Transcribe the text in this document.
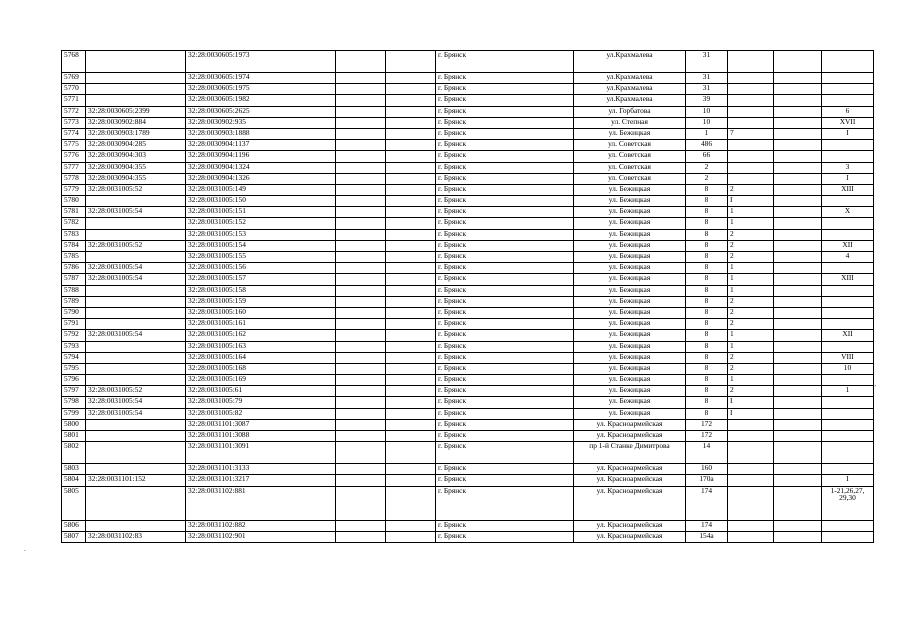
5768		32:28:0030605:1973			г. Брянск	ул.Крахмалева	31			
5769		32:28:0030605:1974			г. Брянск	ул.Крахмалева	31			
5770		32:28:0030605:1975			г. Брянск	ул.Крахмалева	31			
5771		32:28:0030605:1982			г. Брянск	ул.Крахмалева	39			
5772	32:28:0030605:2399	32:28:0030605:2625			г. Брянск	ул. Горбатова	10			6
5773	32:28:0030902:884	32:28:0030902:935			г. Брянск	ул. Степная	10			XVII
5774	32:28:0030903:1789	32:28:0030903:1888			г. Брянск	ул. Бежицкая	1	7		I
5775	32:28:0030904:285	32:28:0030904:1137			г. Брянск	ул. Советская	486			
5776	32:28:0030904:303	32:28:0030904:1196			г. Брянск	ул. Советская	66			
5777	32:28:0030904:355	32:28:0030904:1324			г. Брянск	ул. Советская	2			3
5778	32:28:0030904:355	32:28:0030904:1326			г. Брянск	ул. Советская	2			I
5779	32:28:0031005:52	32:28:0031005:149			г. Брянск	ул. Бежицкая	8	2		XIII
5780		32:28:0031005:150			г. Брянск	ул. Бежицкая	8	I		
5781	32:28:0031005:54	32:28:0031005:151			г. Брянск	ул. Бежицкая	8	1		X
5782		32:28:0031005:152			г. Брянск	ул. Бежицкая	8	1		
5783		32:28:0031005:153			г. Брянск	ул. Бежицкая	8	2		
5784	32:28:0031005:52	32:28:0031005:154			г. Брянск	ул. Бежицкая	8	2		XII
5785		32:28:0031005:155			г. Брянск	ул. Бежицкая	8	2		4
5786	32:28:0031005:54	32:28:0031005:156			г. Брянск	ул. Бежицкая	8	1		
5787	32:28:0031005:54	32:28:0031005:157			г. Брянск	ул. Бежицкая	8	1		XIII
5788		32:28:0031005:158			г. Брянск	ул. Бежицкая	8	1		
5789		32:28:0031005:159			г. Брянск	ул. Бежицкая	8	2		
5790		32:28:0031005:160			г. Брянск	ул. Бежицкая	8	2		
5791		32:28:0031005:161			г. Брянск	ул. Бежицкая	8	2		
5792	32:28:0031005:54	32:28:0031005:162			г. Брянск	ул. Бежицкая	8	1		XII
5793		32:28:0031005:163			г. Брянск	ул. Бежицкая	8	1		
5794		32:28:0031005:164			г. Брянск	ул. Бежицкая	8	2		VIII
5795		32:28:0031005:168			г. Брянск	ул. Бежицкая	8	2		10
5796		32:28:0031005:169			г. Брянск	ул. Бежицкая	8	1		
5797	32:28:0031005:52	32:28:0031005:61			г. Брянск	ул. Бежицкая	8	2		1
5798	32:28:0031005:54	32:28:0031005:79			г. Брянск	ул. Бежицкая	8	I		
5799	32:28:0031005:54	32:28:0031005:82			г. Брянск	ул. Бежицкая	8	I		
5800		32:28:0031101:3087			г. Брянск	ул. Красноармейская	172			
5801		32:28:0031101:3088			г. Брянск	ул. Красноармейская	172			
5802		32:28:0031101:3091			г. Брянск	пр 1-й Станке Димитрова	14			
5803		32:28:0031101:3133			г. Брянск	ул. Красноармейская	160			
5804	32:28:0031101:152	32:28:0031101:3217			г. Брянск	ул. Красноармейская	170а			I
5805		32:28:0031102:881			г. Брянск	ул. Красноармейская	174			1-21,26,27, 29,30
5806		32:28:0031102:882			г. Брянск	ул. Красноармейская	174			
5807	32:28:0031102:83	32:28:0031102:901			г. Брянск	ул. Красноармейская	154а			
.
‚
